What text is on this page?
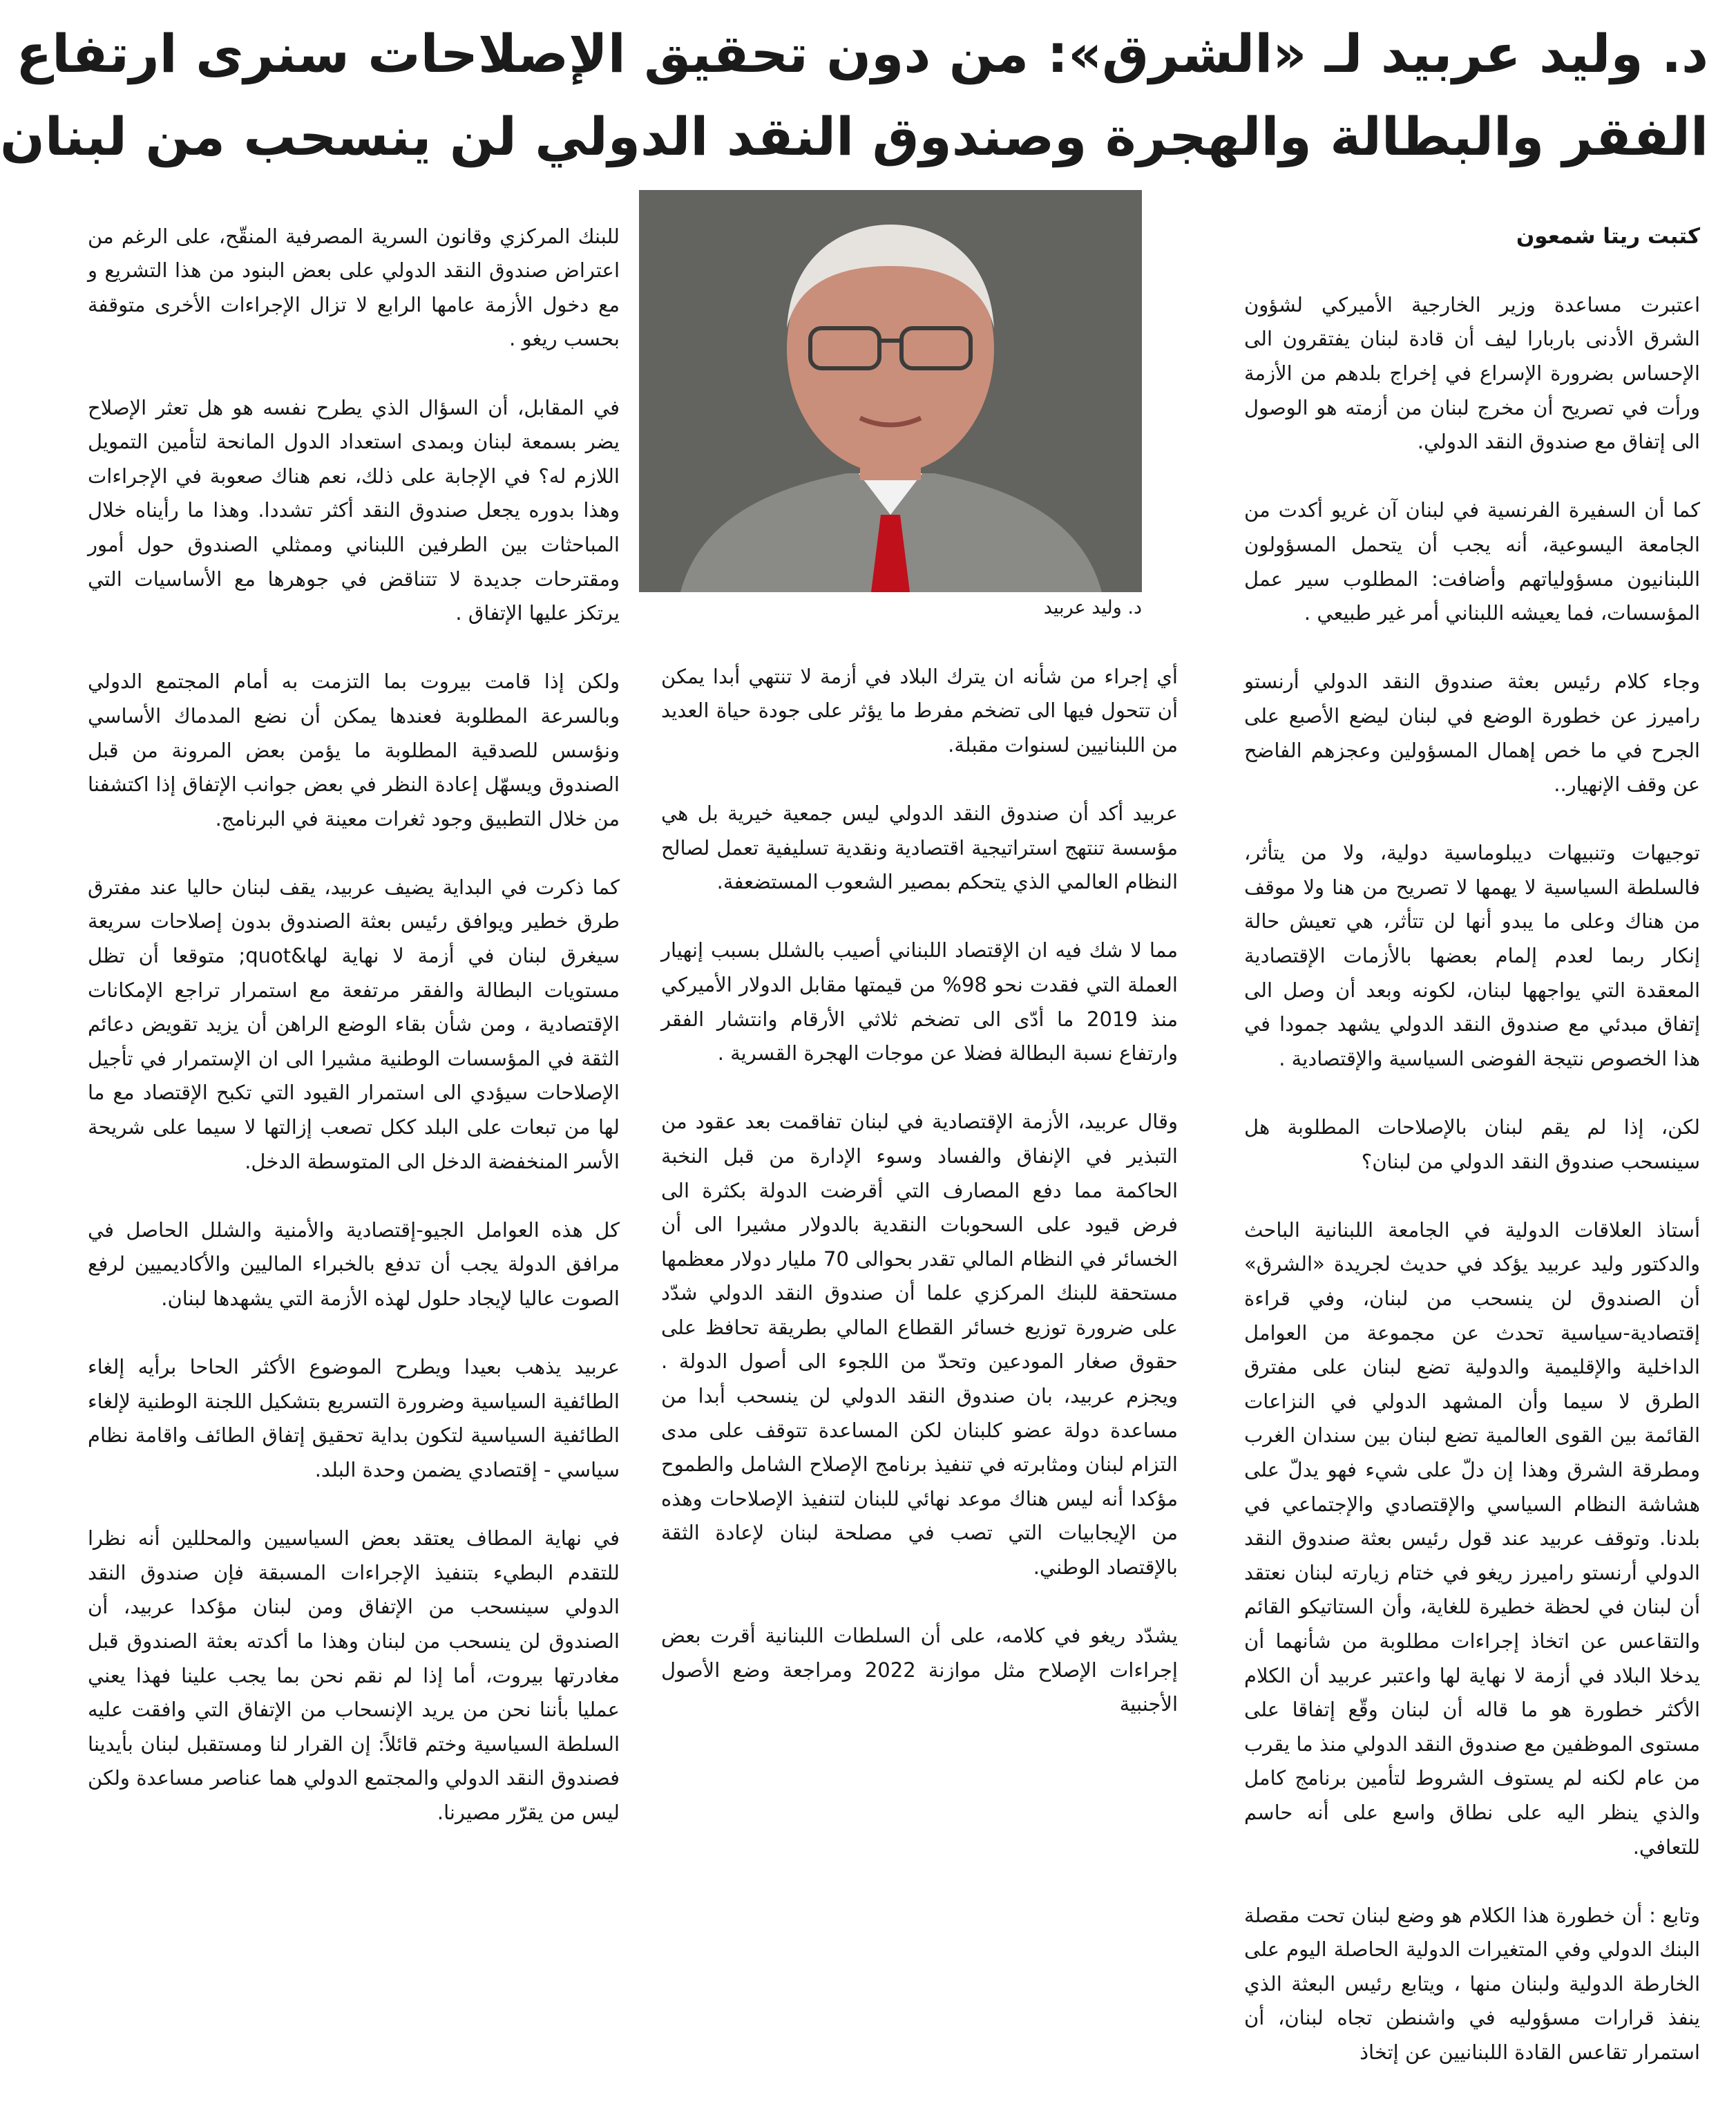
د. وليد عربيد لـ «الشرق»: من دون تحقيق الإصلاحات سنرى ارتفاع
الفقر والبطالة والهجرة وصندوق النقد الدولي لن ينسحب من لبنان

كتبت ريتا شمعون

اعتبرت مساعدة وزير الخارجية الأميركي لشؤون الشرق الأدنى باربارا ليف أن قادة لبنان يفتقرون الى الإحساس بضرورة الإسراع في إخراج بلدهم من الأزمة ورأت في تصريح أن مخرج لبنان من أزمته هو الوصول الى إتفاق مع صندوق النقد الدولي.

كما أن السفيرة الفرنسية في لبنان آن غريو أكدت من الجامعة اليسوعية، أنه يجب أن يتحمل المسؤولون اللبنانيون مسؤولياتهم وأضافت: المطلوب سير عمل المؤسسات، فما يعيشه اللبناني أمر غير طبيعي .

وجاء كلام رئيس بعثة صندوق النقد الدولي أرنستو راميرز عن خطورة الوضع في لبنان ليضع الأصبع على الجرح في ما خص إهمال المسؤولين وعجزهم الفاضح عن وقف الإنهيار..

توجيهات وتنبيهات ديبلوماسية دولية، ولا من يتأثر، فالسلطة السياسية لا يهمها لا تصريح من هنا ولا موقف من هناك وعلى ما يبدو أنها لن تتأثر، هي تعيش حالة إنكار ربما لعدم إلمام بعضها بالأزمات الإقتصادية المعقدة التي يواجهها لبنان، لكونه وبعد أن وصل الى إتفاق مبدئي مع صندوق النقد الدولي يشهد جمودا في هذا الخصوص نتيجة الفوضى السياسية والإقتصادية .

لكن، إذا لم يقم لبنان بالإصلاحات المطلوبة هل سينسحب صندوق النقد الدولي من لبنان؟

أستاذ العلاقات الدولية في الجامعة اللبنانية الباحث والدكتور وليد عربيد يؤكد في حديث لجريدة «الشرق» أن الصندوق لن ينسحب من لبنان، وفي قراءة إقتصادية-سياسية تحدث عن مجموعة من العوامل الداخلية والإقليمية والدولية تضع لبنان على مفترق الطرق لا سيما وأن المشهد الدولي في النزاعات القائمة بين القوى العالمية تضع لبنان بين سندان الغرب ومطرقة الشرق وهذا إن دلّ على شيء فهو يدلّ على هشاشة النظام السياسي والإقتصادي والإجتماعي في بلدنا. وتوقف عربيد عند قول رئيس بعثة صندوق النقد الدولي أرنستو راميرز ريغو في ختام زيارته لبنان نعتقد أن لبنان في لحظة خطيرة للغاية، وأن الستاتيكو القائم والتقاعس عن اتخاذ إجراءات مطلوبة من شأنهما أن يدخلا البلاد في أزمة لا نهاية لها واعتبر عربيد أن الكلام الأكثر خطورة هو ما قاله أن لبنان وقّع إتفاقا على مستوى الموظفين مع صندوق النقد الدولي منذ ما يقرب من عام لكنه لم يستوف الشروط لتأمين برنامج كامل والذي ينظر اليه على نطاق واسع على أنه حاسم للتعافي.

وتابع : أن خطورة هذا الكلام هو وضع لبنان تحت مقصلة البنك الدولي وفي المتغيرات الدولية الحاصلة اليوم على الخارطة الدولية ولبنان منها ، ويتابع رئيس البعثة الذي ينفذ قرارات مسؤوليه في واشنطن تجاه لبنان، أن استمرار تقاعس القادة اللبنانيين عن إتخاذ

د. وليد عربيد

أي إجراء من شأنه ان يترك البلاد في أزمة لا تنتهي أبدا يمكن أن تتحول فيها الى تضخم مفرط ما يؤثر على جودة حياة العديد من اللبنانيين لسنوات مقبلة.

عربيد أكد أن صندوق النقد الدولي ليس جمعية خيرية بل هي مؤسسة تنتهج استراتيجية اقتصادية ونقدية تسليفية تعمل لصالح النظام العالمي الذي يتحكم بمصير الشعوب المستضعفة.

مما لا شك فيه ان الإقتصاد اللبناني أصيب بالشلل بسبب إنهيار العملة التي فقدت نحو 98% من قيمتها مقابل الدولار الأميركي منذ 2019 ما أدّى الى تضخم ثلاثي الأرقام وانتشار الفقر وارتفاع نسبة البطالة فضلا عن موجات الهجرة القسرية .

وقال عربيد، الأزمة الإقتصادية في لبنان تفاقمت بعد عقود من التبذير في الإنفاق والفساد وسوء الإدارة من قبل النخبة الحاكمة مما دفع المصارف التي أقرضت الدولة بكثرة الى فرض قيود على السحوبات النقدية بالدولار مشيرا الى أن الخسائر في النظام المالي تقدر بحوالى 70 مليار دولار معظمها مستحقة للبنك المركزي علما أن صندوق النقد الدولي شدّد على ضرورة توزيع خسائر القطاع المالي بطريقة تحافظ على حقوق صغار المودعين وتحدّ من اللجوء الى أصول الدولة . ويجزم عربيد، بان صندوق النقد الدولي لن ينسحب أبدا من مساعدة دولة عضو كلبنان لكن المساعدة تتوقف على مدى التزام لبنان ومثابرته في تنفيذ برنامج الإصلاح الشامل والطموح مؤكدا أنه ليس هناك موعد نهائي للبنان لتنفيذ الإصلاحات وهذه من الإيجابيات التي تصب في مصلحة لبنان لإعادة الثقة بالإقتصاد الوطني.

يشدّد ريغو في كلامه، على أن السلطات اللبنانية أقرت بعض إجراءات الإصلاح مثل موازنة 2022 ومراجعة وضع الأصول الأجنبية

للبنك المركزي وقانون السرية المصرفية المنقّح، على الرغم من اعتراض صندوق النقد الدولي على بعض البنود من هذا التشريع و مع دخول الأزمة عامها الرابع لا تزال الإجراءات الأخرى متوقفة بحسب ريغو .

في المقابل، أن السؤال الذي يطرح نفسه هو هل تعثر الإصلاح يضر بسمعة لبنان وبمدى استعداد الدول المانحة لتأمين التمويل اللازم له؟ في الإجابة على ذلك، نعم هناك صعوبة في الإجراءات وهذا بدوره يجعل صندوق النقد أكثر تشددا. وهذا ما رأيناه خلال المباحثات بين الطرفين اللبناني وممثلي الصندوق حول أمور ومقترحات جديدة لا تتناقض في جوهرها مع الأساسيات التي يرتكز عليها الإتفاق .

ولكن إذا قامت بيروت بما التزمت به أمام المجتمع الدولي وبالسرعة المطلوبة فعندها يمكن أن نضع المدماك الأساسي ونؤسس للصدقية المطلوبة ما يؤمن بعض المرونة من قبل الصندوق ويسهّل إعادة النظر في بعض جوانب الإتفاق إذا اكتشفنا من خلال التطبيق وجود ثغرات معينة في البرنامج.

كما ذكرت في البداية يضيف عربيد، يقف لبنان حاليا عند مفترق طرق خطير ويوافق رئيس بعثة الصندوق بدون إصلاحات سريعة سيغرق لبنان في أزمة لا نهاية لها&quot; متوقعا أن تظل مستويات البطالة والفقر مرتفعة مع استمرار تراجع الإمكانات الإقتصادية ، ومن شأن بقاء الوضع الراهن أن يزيد تقويض دعائم الثقة في المؤسسات الوطنية مشيرا الى ان الإستمرار في تأجيل الإصلاحات سيؤدي الى استمرار القيود التي تكبح الإقتصاد مع ما لها من تبعات على البلد ككل تصعب إزالتها لا سيما على شريحة الأسر المنخفضة الدخل الى المتوسطة الدخل.

كل هذه العوامل الجيو-إقتصادية والأمنية والشلل الحاصل في مرافق الدولة يجب أن تدفع بالخبراء الماليين والأكاديميين لرفع الصوت عاليا لإيجاد حلول لهذه الأزمة التي يشهدها لبنان.

عربيد يذهب بعيدا ويطرح الموضوع الأكثر الحاحا برأيه إلغاء الطائفية السياسية وضرورة التسريع بتشكيل اللجنة الوطنية لإلغاء الطائفية السياسية لتكون بداية تحقيق إتفاق الطائف واقامة نظام سياسي - إقتصادي يضمن وحدة البلد.

في نهاية المطاف يعتقد بعض السياسيين والمحللين أنه نظرا للتقدم البطيء بتنفيذ الإجراءات المسبقة فإن صندوق النقد الدولي سينسحب من الإتفاق ومن لبنان مؤكدا عربيد، أن الصندوق لن ينسحب من لبنان وهذا ما أكدته بعثة الصندوق قبل مغادرتها بيروت، أما إذا لم نقم نحن بما يجب علينا فهذا يعني عمليا بأننا نحن من يريد الإنسحاب من الإتفاق التي وافقت عليه السلطة السياسية وختم قائلاً: إن القرار لنا ومستقبل لبنان بأيدينا فصندوق النقد الدولي والمجتمع الدولي هما عناصر مساعدة ولكن ليس من يقرّر مصيرنا.
